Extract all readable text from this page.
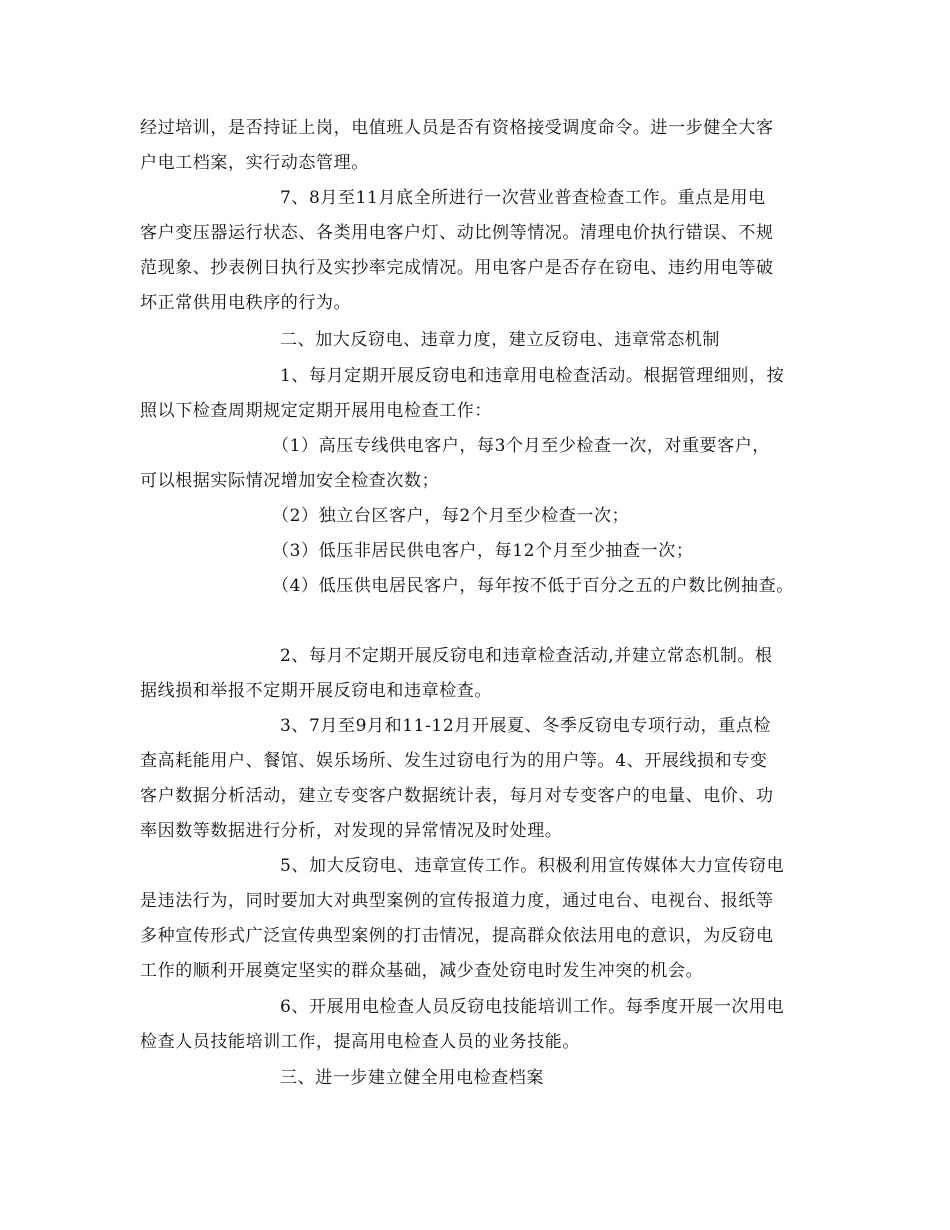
经过培训，是否持证上岗，电值班人员是否有资格接受调度命令。进一步健全大客
户电工档案，实行动态管理。
7、8月至11月底全所进行一次营业普查检查工作。重点是用电
客户变压器运行状态、各类用电客户灯、动比例等情况。清理电价执行错误、不规
范现象、抄表例日执行及实抄率完成情况。用电客户是否存在窃电、违约用电等破
坏正常供用电秩序的行为。
二、加大反窃电、违章力度，建立反窃电、违章常态机制
1、每月定期开展反窃电和违章用电检查活动。根据管理细则，按
照以下检查周期规定定期开展用电检查工作：
（1）高压专线供电客户，每3个月至少检查一次，对重要客户，
可以根据实际情况增加安全检查次数；
（2）独立台区客户，每2个月至少检查一次；
（3）低压非居民供电客户，每12个月至少抽查一次；
（4）低压供电居民客户，每年按不低于百分之五的户数比例抽查。
2、每月不定期开展反窃电和违章检查活动,并建立常态机制。根
据线损和举报不定期开展反窃电和违章检查。
3、7月至9月和11-12月开展夏、冬季反窃电专项行动，重点检
查高耗能用户、餐馆、娱乐场所、发生过窃电行为的用户等。4、开展线损和专变
客户数据分析活动，建立专变客户数据统计表，每月对专变客户的电量、电价、功
率因数等数据进行分析，对发现的异常情况及时处理。
5、加大反窃电、违章宣传工作。积极利用宣传媒体大力宣传窃电
是违法行为，同时要加大对典型案例的宣传报道力度，通过电台、电视台、报纸等
多种宣传形式广泛宣传典型案例的打击情况，提高群众依法用电的意识，为反窃电
工作的顺利开展奠定坚实的群众基础，减少查处窃电时发生冲突的机会。
6、开展用电检查人员反窃电技能培训工作。每季度开展一次用电
检查人员技能培训工作，提高用电检查人员的业务技能。
三、进一步建立健全用电检查档案
